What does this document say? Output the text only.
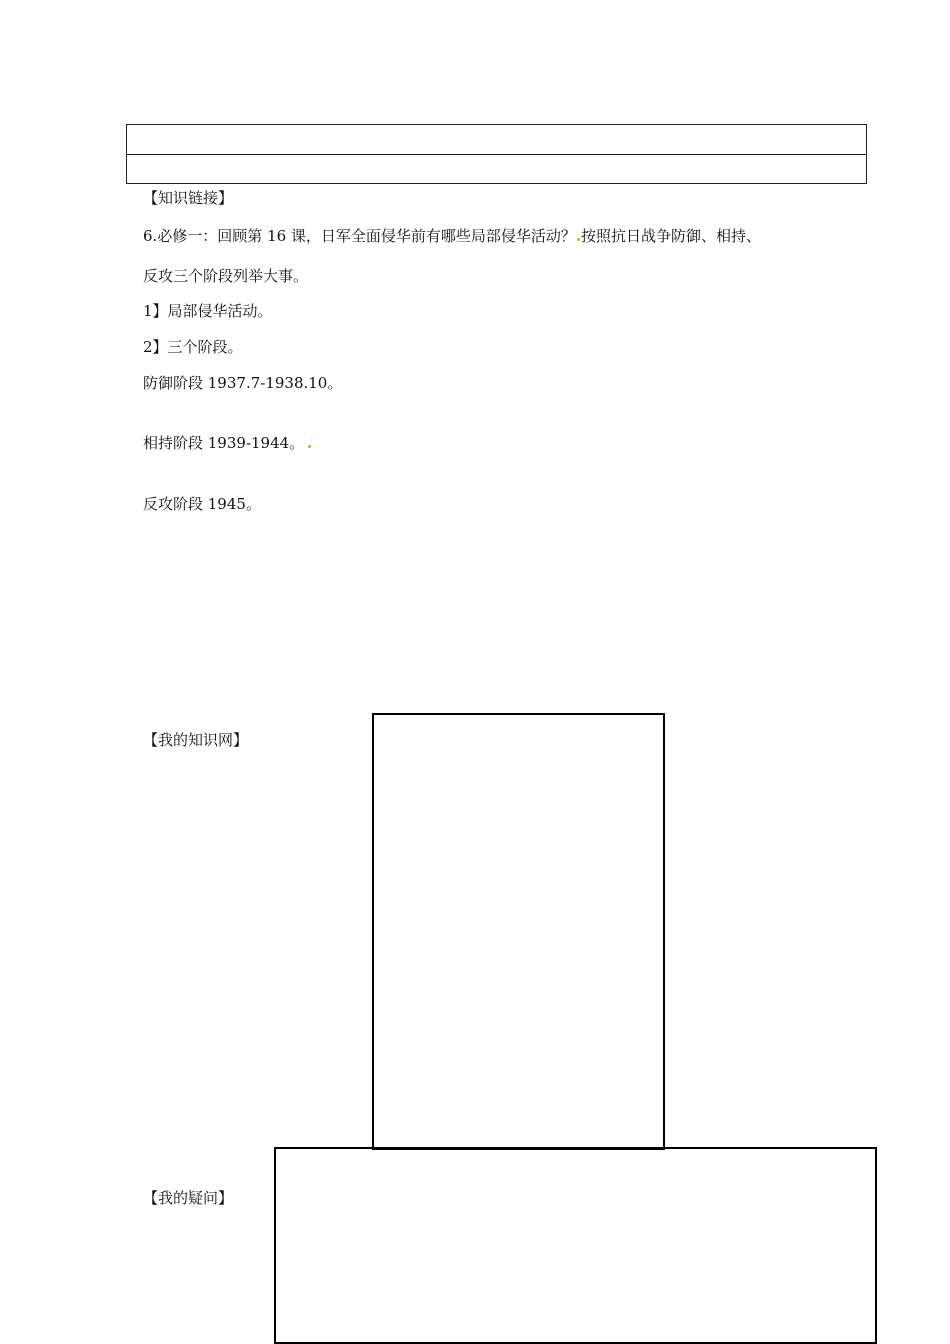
【知识链接】
6.必修一：回顾第 16 课，日军全面侵华前有哪些局部侵华活动？ 按照抗日战争防御、相持、
反攻三个阶段列举大事。
1】局部侵华活动。
2】三个阶段。
防御阶段 1937.7-1938.10。
相持阶段 1939-1944。
反攻阶段 1945。
【我的知识网】
【我的疑问】
